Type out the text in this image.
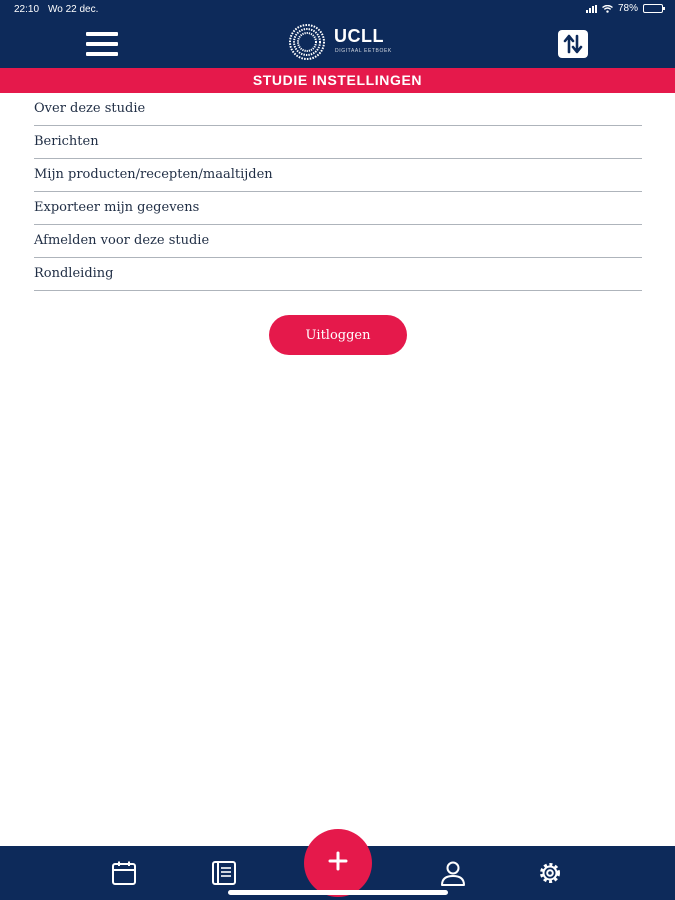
22:10 Wo 22 dec.	78%
UCLL
DIGITAAL EETBOEK
STUDIE INSTELLINGEN
Over deze studie
Berichten
Mijn producten/recepten/maaltijden
Exporteer mijn gegevens
Afmelden voor deze studie
Rondleiding
Uitloggen
